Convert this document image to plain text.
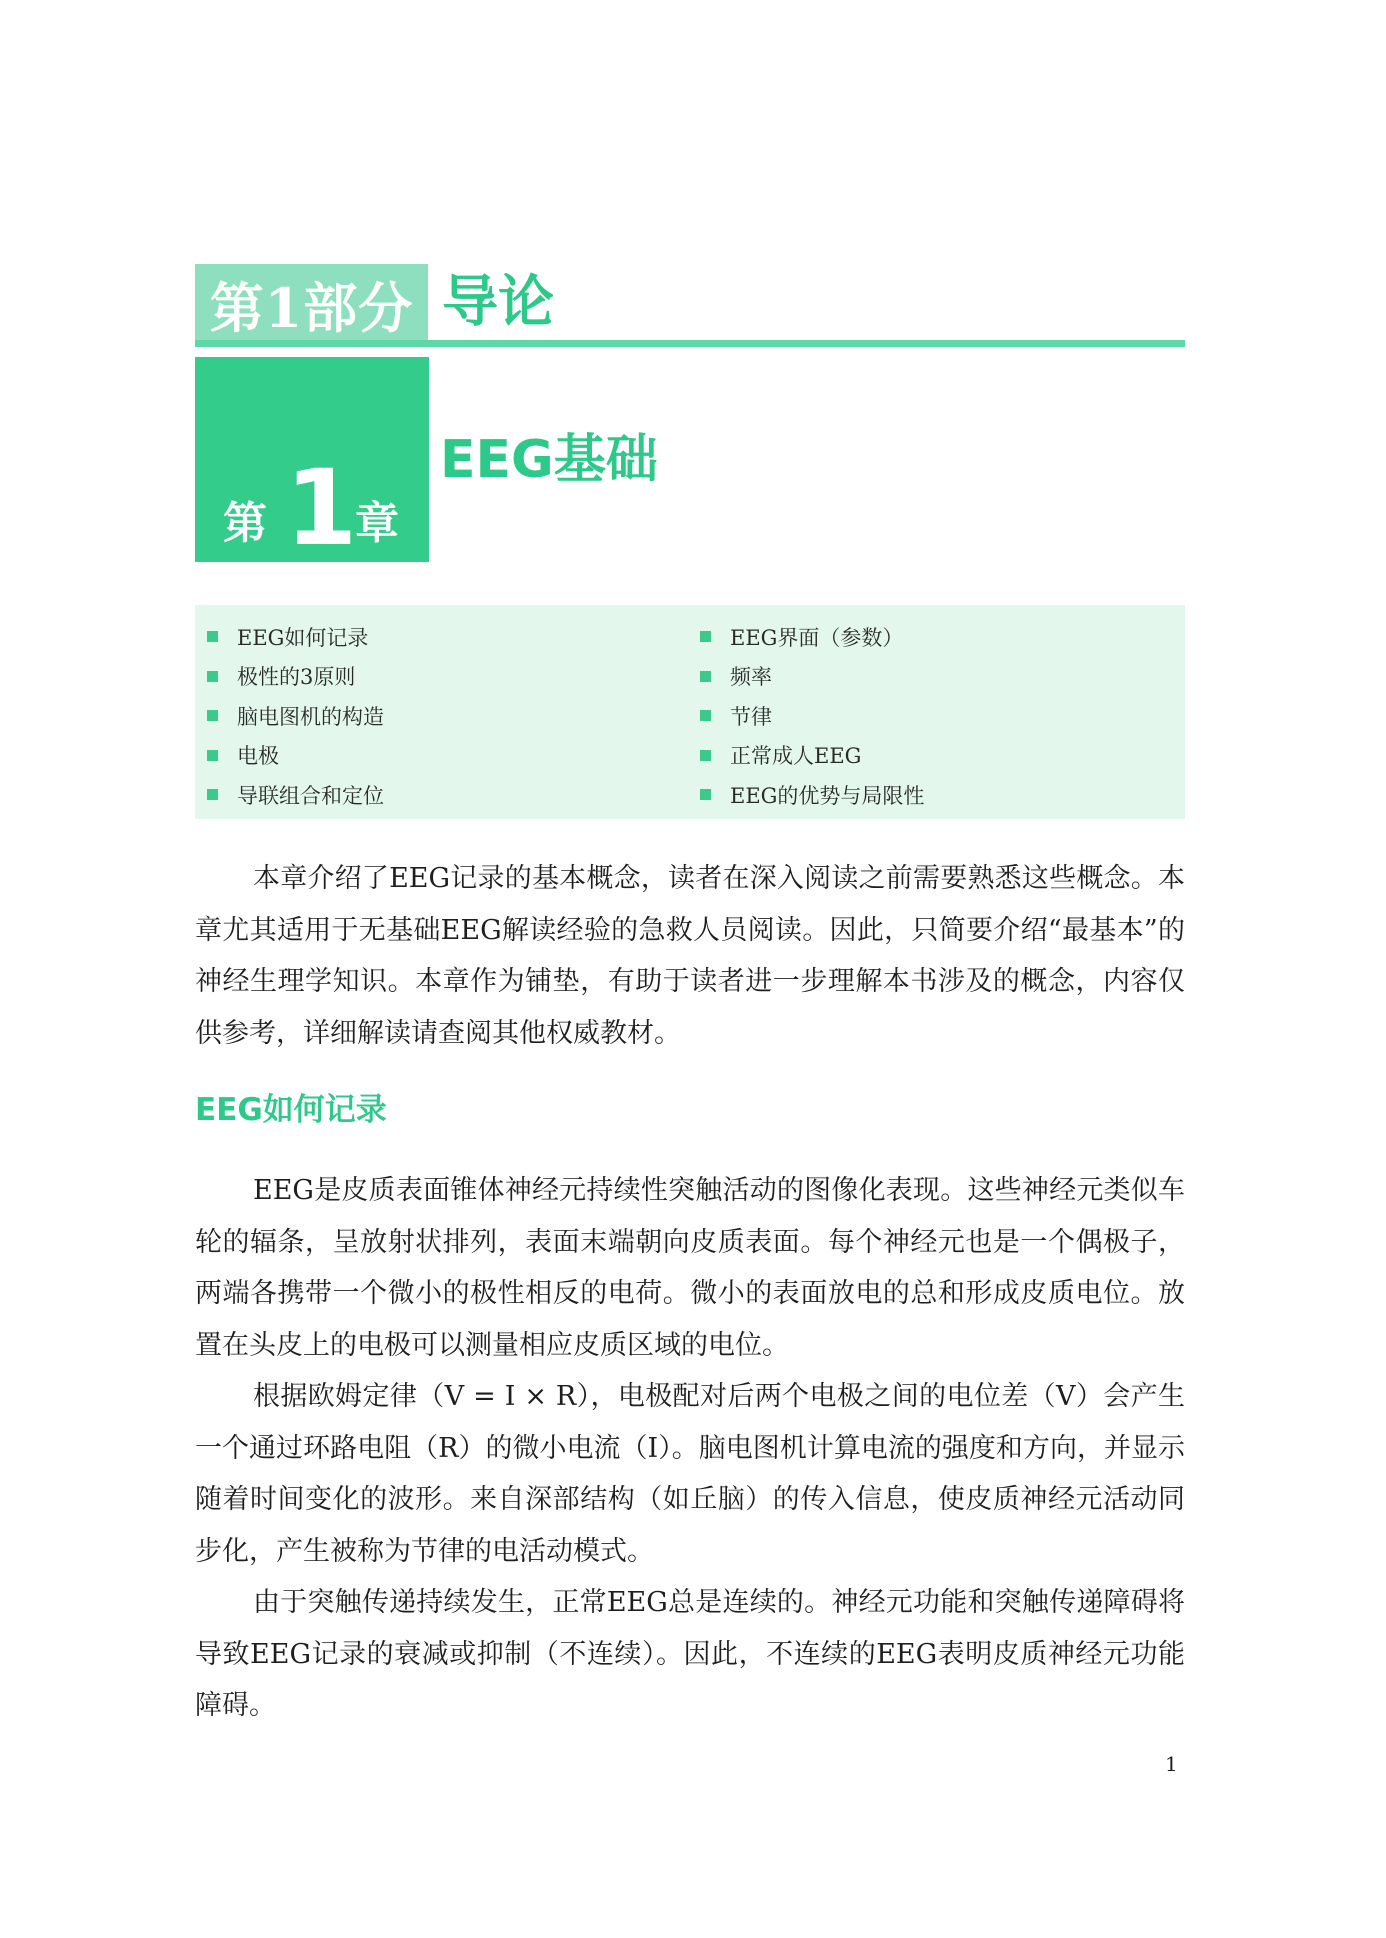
第1部分 导论
第 1
章
EEG基础
EEG如何记录
极性的3原则
脑电图机的构造
电极
导联组合和定位
EEG界面（参数）
频率
节律
正常成人EEG
EEG的优势与局限性

本章介绍了EEG记录的基本概念，读者在深入阅读之前需要熟悉这些概念。本章尤其适用于无基础EEG解读经验的急救人员阅读。因此，只简要介绍“最基本”的神经生理学知识。本章作为铺垫，有助于读者进一步理解本书涉及的概念，内容仅供参考，详细解读请查阅其他权威教材。

EEG如何记录

EEG是皮质表面锥体神经元持续性突触活动的图像化表现。这些神经元类似车轮的辐条，呈放射状排列，表面末端朝向皮质表面。每个神经元也是一个偶极子，两端各携带一个微小的极性相反的电荷。微小的表面放电的总和形成皮质电位。放置在头皮上的电极可以测量相应皮质区域的电位。

根据欧姆定律（V = I × R），电极配对后两个电极之间的电位差（V）会产生一个通过环路电阻（R）的微小电流（I）。脑电图机计算电流的强度和方向，并显示随着时间变化的波形。来自深部结构（如丘脑）的传入信息，使皮质神经元活动同步化，产生被称为节律的电活动模式。

由于突触传递持续发生，正常EEG总是连续的。神经元功能和突触传递障碍将导致EEG记录的衰减或抑制（不连续）。因此，不连续的EEG表明皮质神经元功能障碍。

1
